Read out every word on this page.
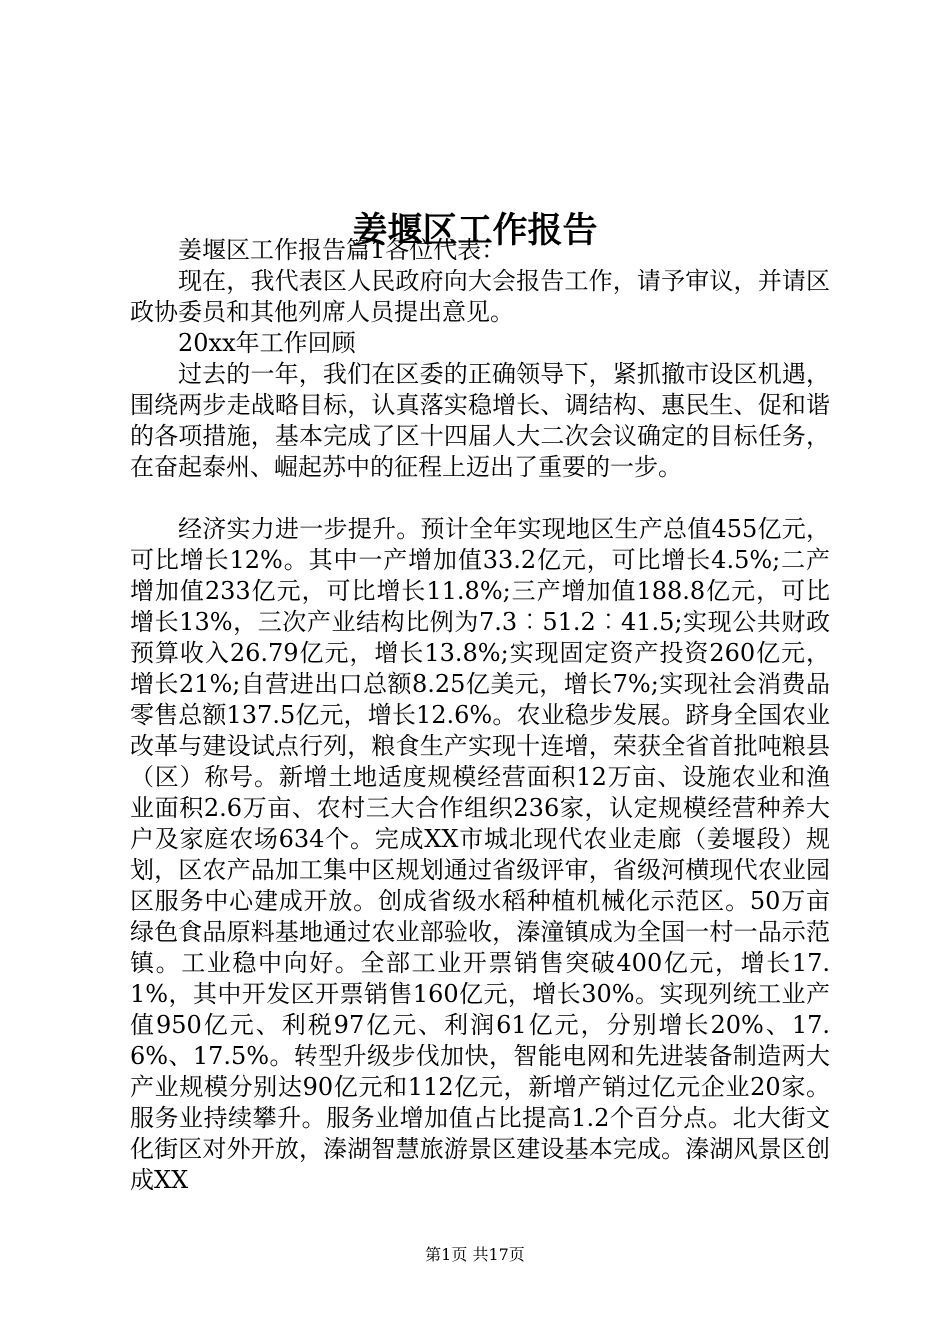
姜堰区工作报告

姜堰区工作报告篇1各位代表：

现在，我代表区人民政府向大会报告工作，请予审议，并请区政协委员和其他列席人员提出意见。

20xx年工作回顾

过去的一年，我们在区委的正确领导下，紧抓撤市设区机遇，围绕两步走战略目标，认真落实稳增长、调结构、惠民生、促和谐的各项措施，基本完成了区十四届人大二次会议确定的目标任务，在奋起泰州、崛起苏中的征程上迈出了重要的一步。

经济实力进一步提升。预计全年实现地区生产总值455亿元，可比增长12%。其中一产增加值33.2亿元，可比增长4.5%;二产增加值233亿元，可比增长11.8%;三产增加值188.8亿元，可比增长13%，三次产业结构比例为7.3︰51.2︰41.5;实现公共财政预算收入26.79亿元，增长13.8%;实现固定资产投资260亿元，增长21%;自营进出口总额8.25亿美元，增长7%;实现社会消费品零售总额137.5亿元，增长12.6%。农业稳步发展。跻身全国农业改革与建设试点行列，粮食生产实现十连增，荣获全省首批吨粮县（区）称号。新增土地适度规模经营面积12万亩、设施农业和渔业面积2.6万亩、农村三大合作组织236家，认定规模经营种养大户及家庭农场634个。完成XX市城北现代农业走廊（姜堰段）规划，区农产品加工集中区规划通过省级评审，省级河横现代农业园区服务中心建成开放。创成省级水稻种植机械化示范区。50万亩绿色食品原料基地通过农业部验收，溱潼镇成为全国一村一品示范镇。工业稳中向好。全部工业开票销售突破400亿元，增长17.1%，其中开发区开票销售160亿元，增长30%。实现列统工业产值950亿元、利税97亿元、利润61亿元，分别增长20%、17.6%、17.5%。转型升级步伐加快，智能电网和先进装备制造两大产业规模分别达90亿元和112亿元，新增产销过亿元企业20家。服务业持续攀升。服务业增加值占比提高1.2个百分点。北大街文化街区对外开放，溱湖智慧旅游景区建设基本完成。溱湖风景区创成XX

第1页 共17页
